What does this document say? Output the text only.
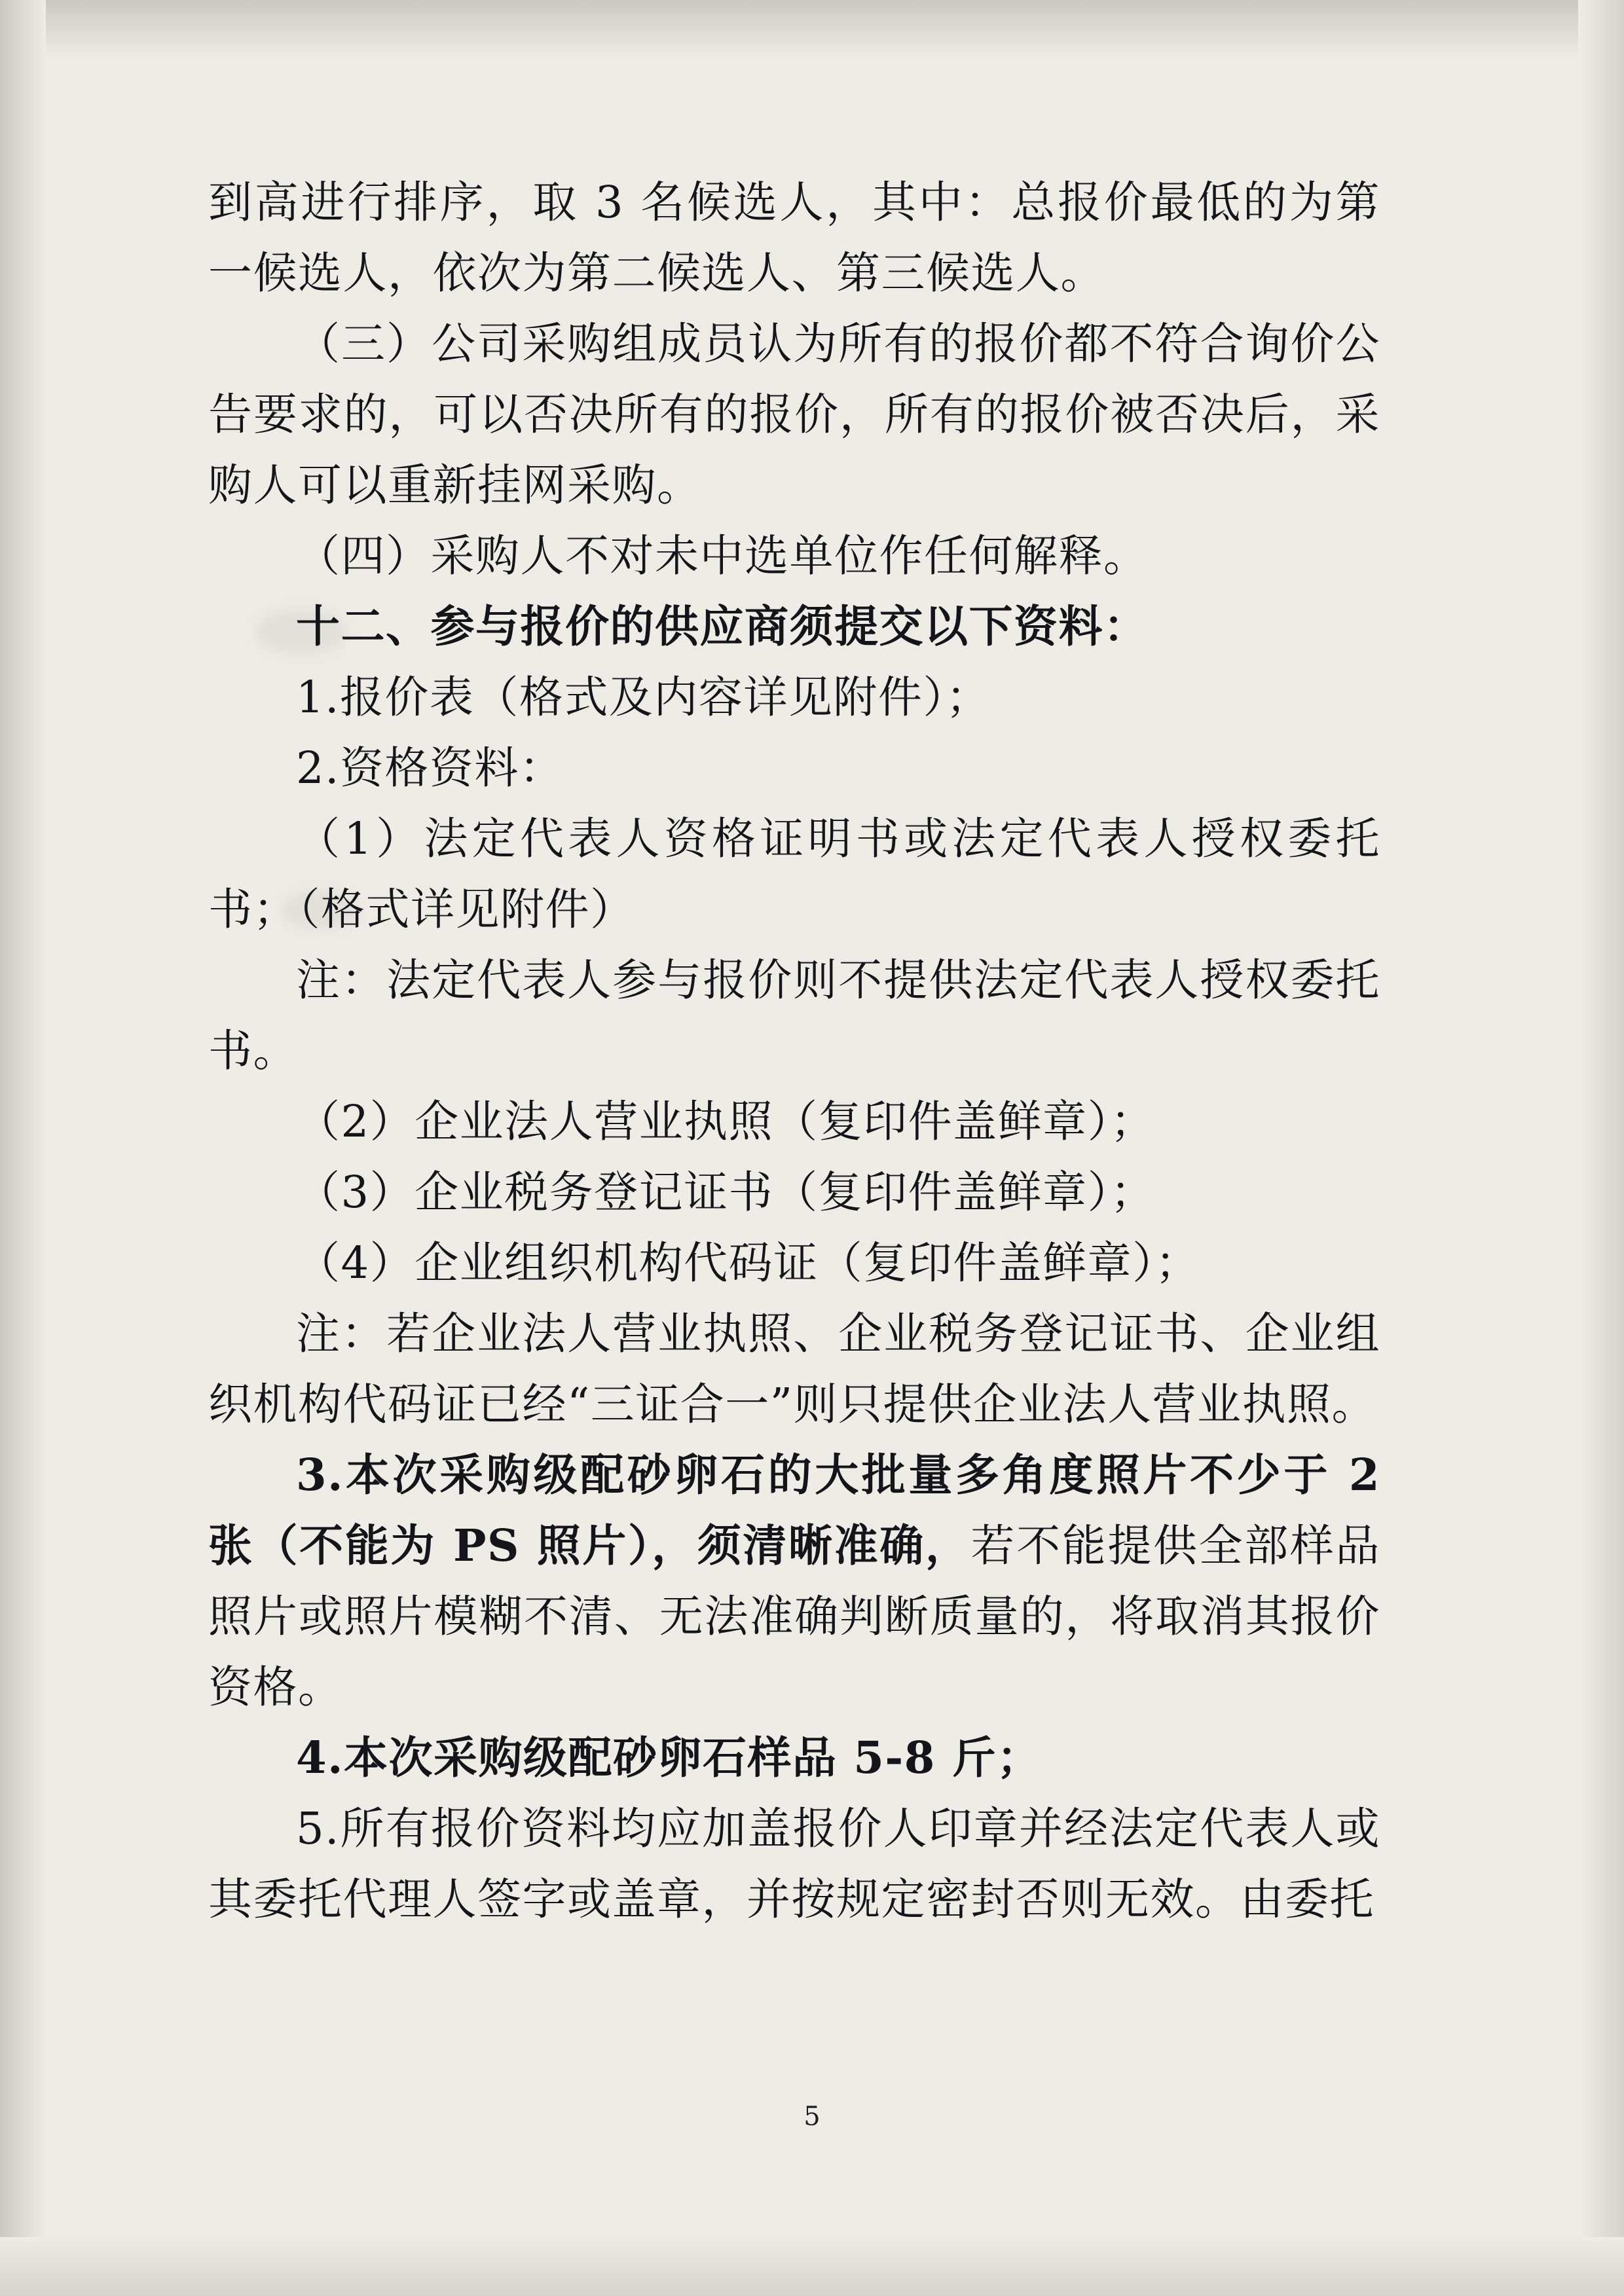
到高进行排序，取 3 名候选人，其中：总报价最低的为第一候选人，依次为第二候选人、第三候选人。

（三）公司采购组成员认为所有的报价都不符合询价公告要求的，可以否决所有的报价，所有的报价被否决后，采购人可以重新挂网采购。

（四）采购人不对未中选单位作任何解释。

十二、参与报价的供应商须提交以下资料：

1.报价表（格式及内容详见附件）；

2.资格资料：

（1）法定代表人资格证明书或法定代表人授权委托书；（格式详见附件）

注：法定代表人参与报价则不提供法定代表人授权委托书。

（2）企业法人营业执照（复印件盖鲜章）；

（3）企业税务登记证书（复印件盖鲜章）；

（4）企业组织机构代码证（复印件盖鲜章）；

注：若企业法人营业执照、企业税务登记证书、企业组织机构代码证已经“三证合一”则只提供企业法人营业执照。

3.本次采购级配砂卵石的大批量多角度照片不少于 2 张（不能为 PS 照片），须清晰准确，若不能提供全部样品照片或照片模糊不清、无法准确判断质量的，将取消其报价资格。

4.本次采购级配砂卵石样品 5-8 斤；

5.所有报价资料均应加盖报价人印章并经法定代表人或其委托代理人签字或盖章，并按规定密封否则无效。由委托

5
